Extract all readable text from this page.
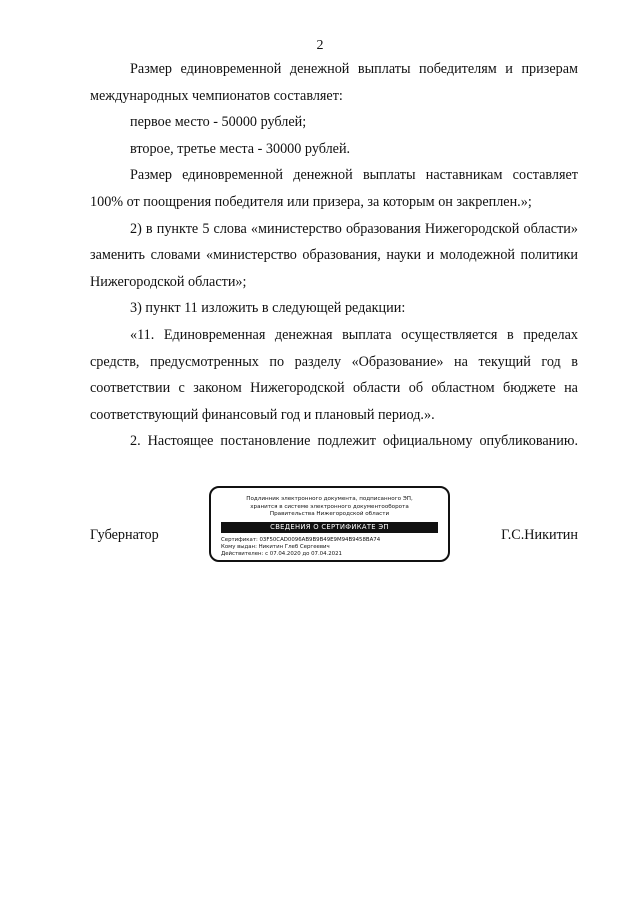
2

Размер единовременной денежной выплаты победителям и призерам международных чемпионатов составляет:

первое место - 50000 рублей;

второе, третье места - 30000 рублей.

Размер единовременной денежной выплаты наставникам составляет 100% от поощрения победителя или призера, за которым он закреплен.»;

2) в пункте 5 слова «министерство образования Нижегородской области» заменить словами «министерство образования, науки и молодежной политики Нижегородской области»;

3) пункт 11 изложить в следующей редакции:

«11. Единовременная денежная выплата осуществляется в пределах средств, предусмотренных по разделу «Образование» на текущий год в соответствии с законом Нижегородской области об областном бюджете на соответствующий финансовый год и плановый период.».

2. Настоящее постановление подлежит официальному опубликованию.

Губернатор	Г.С.Никитин
Подлинник электронного документа, подписанного ЭП,
хранится в системе электронного документооборота
Правительства Нижегородской области
СВЕДЕНИЯ О СЕРТИФИКАТЕ ЭП
Сертификат: 03F50CAD0096AB9B9B49E9M94B9458BA74
Кому выдан: Никитин Глеб Сергеевич
Действителен: с 07.04.2020 до 07.04.2021
